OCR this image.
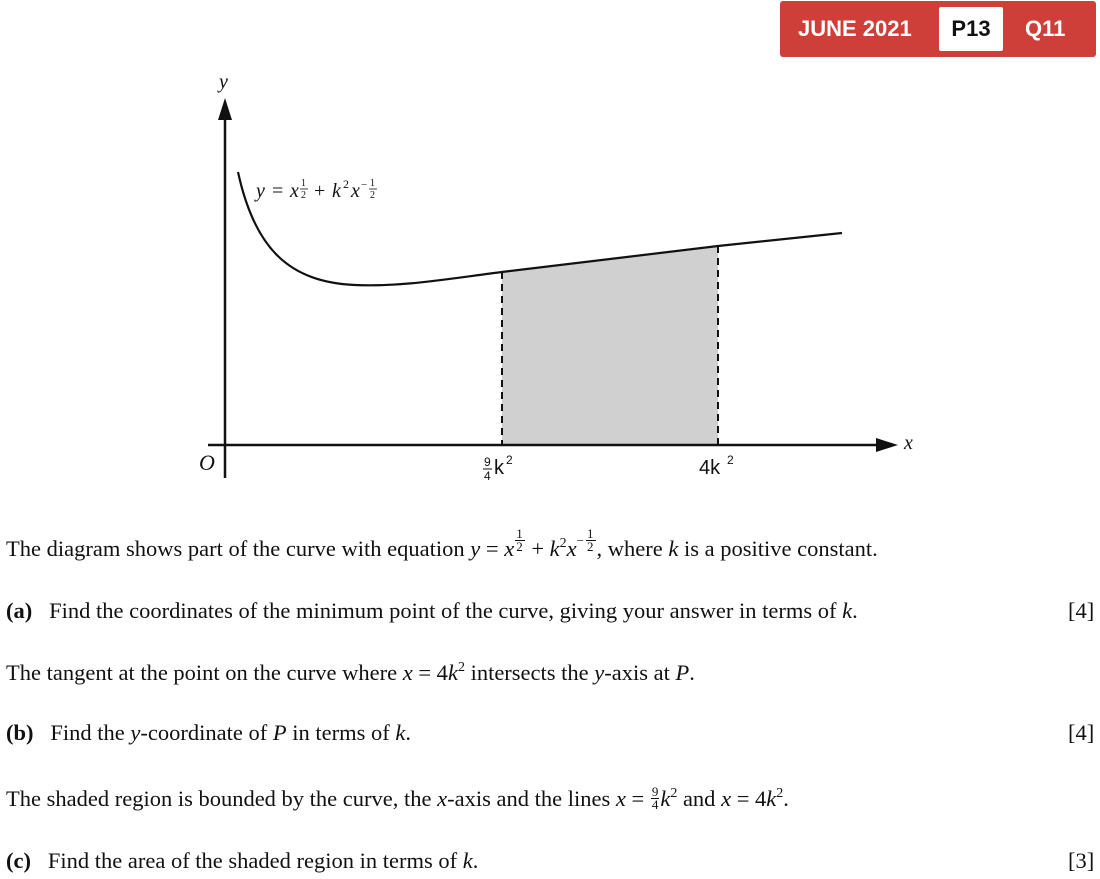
JUNE 2021	P13	Q11
y
x
O
y = x 1
2 + k 2 x − 1
2
9
4 k 2	4k 2
The diagram shows part of the curve with equation y = x $^{\frac{1}{2}} + k^2x^{- \frac{1}{2}}$ , where k is a positive constant.
(a) Find the coordinates of the minimum point of the curve, giving your answer in terms of k.	[4]
The tangent at the point on the curve where $x = 4k^2$ intersects the y-axis at P.
(b) Find the y-coordinate of P in terms of k.	[4]
The shaded region is bounded by the curve, the x-axis and the lines $x = \frac{9}{4} k^2$ and $x = 4k^2$.
(c) Find the area of the shaded region in terms of k.	[3]
